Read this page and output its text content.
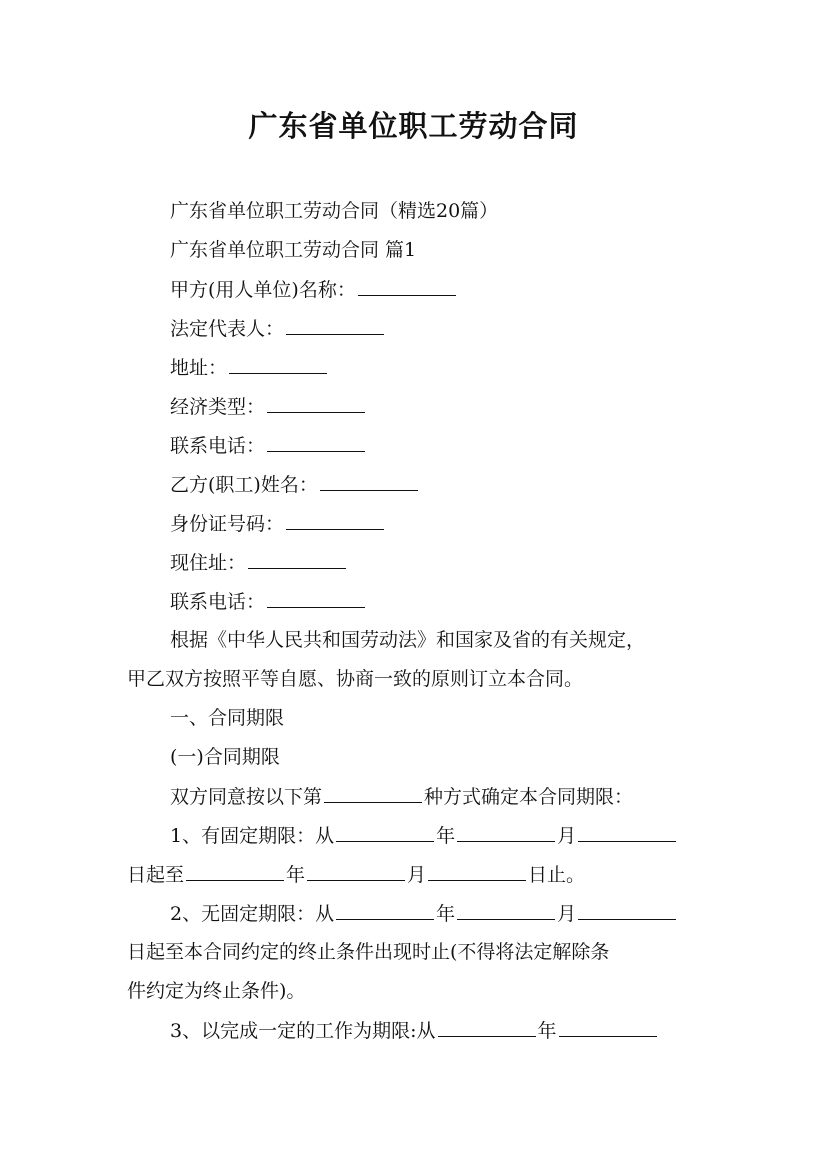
广东省单位职工劳动合同
广东省单位职工劳动合同（精选20篇）
广东省单位职工劳动合同 篇1
甲方(用人单位)名称：
法定代表人：
地址：
经济类型：
联系电话：
乙方(职工)姓名：
身份证号码：
现住址：
联系电话：
根据《中华人民共和国劳动法》和国家及省的有关规定，
甲乙双方按照平等自愿、协商一致的原则订立本合同。
一、合同期限
(一)合同期限
双方同意按以下第	种方式确定本合同期限：
1、有固定期限：从	年	月
日起至	年	月	日止。
2、无固定期限：从	年	月
日起至本合同约定的终止条件出现时止(不得将法定解除条
件约定为终止条件)。
3、以完成一定的工作为期限:从	年
